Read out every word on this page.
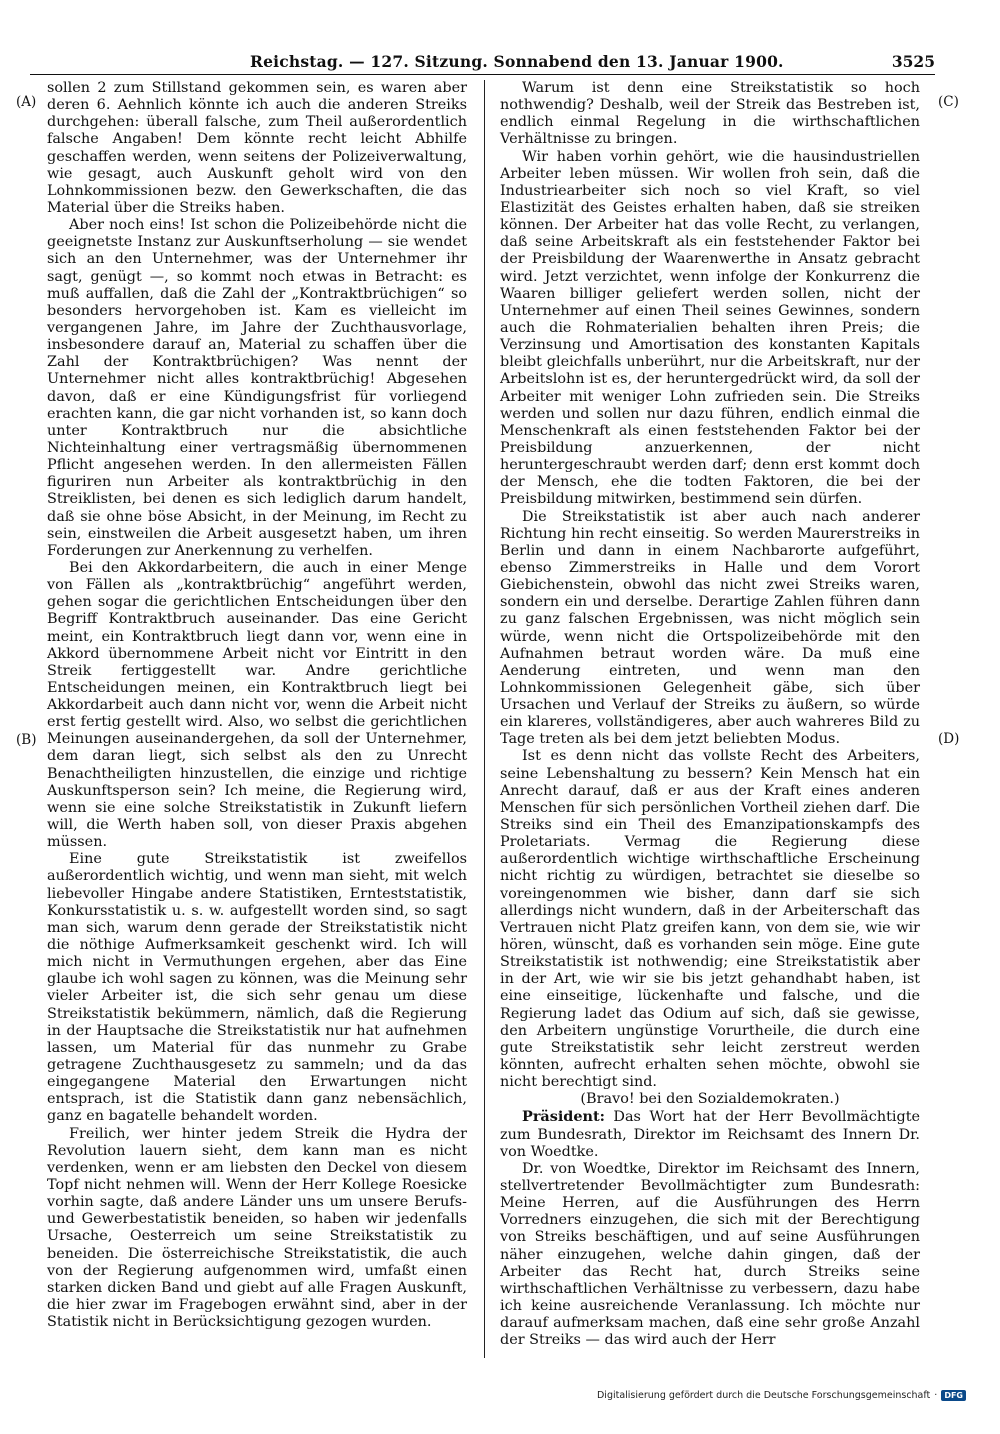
Reichstag. — 127. Sitzung. Sonnabend den 13. Januar 1900.	3525
(A)
(B)
(C)
(D)

sollen 2 zum Stillstand gekommen sein, es waren aber deren 6. Aehnlich könnte ich auch die anderen Streiks durchgehen: überall falsche, zum Theil außerordentlich falsche Angaben! Dem könnte recht leicht Abhilfe geschaffen werden, wenn seitens der Polizeiverwaltung, wie gesagt, auch Auskunft geholt wird von den Lohnkommissionen bezw. den Gewerkschaften, die das Material über die Streiks haben.

Aber noch eins! Ist schon die Polizeibehörde nicht die geeignetste Instanz zur Auskunftserholung — sie wendet sich an den Unternehmer, was der Unternehmer ihr sagt, genügt —, so kommt noch etwas in Betracht: es muß auffallen, daß die Zahl der „Kontraktbrüchigen“ so besonders hervorgehoben ist. Kam es vielleicht im vergangenen Jahre, im Jahre der Zuchthausvorlage, insbesondere darauf an, Material zu schaffen über die Zahl der Kontraktbrüchigen? Was nennt der Unternehmer nicht alles kontraktbrüchig! Abgesehen davon, daß er eine Kündigungsfrist für vorliegend erachten kann, die gar nicht vorhanden ist, so kann doch unter Kontraktbruch nur die absichtliche Nichteinhaltung einer vertragsmäßig übernommenen Pflicht angesehen werden. In den allermeisten Fällen figuriren nun Arbeiter als kontraktbrüchig in den Streiklisten, bei denen es sich lediglich darum handelt, daß sie ohne böse Absicht, in der Meinung, im Recht zu sein, einstweilen die Arbeit ausgesetzt haben, um ihren Forderungen zur Anerkennung zu verhelfen.

Bei den Akkordarbeitern, die auch in einer Menge von Fällen als „kontraktbrüchig“ angeführt werden, gehen sogar die gerichtlichen Entscheidungen über den Begriff Kontraktbruch auseinander. Das eine Gericht meint, ein Kontraktbruch liegt dann vor, wenn eine in Akkord übernommene Arbeit nicht vor Eintritt in den Streik fertiggestellt war. Andre gerichtliche Entscheidungen meinen, ein Kontraktbruch liegt bei Akkordarbeit auch dann nicht vor, wenn die Arbeit nicht erst fertig gestellt wird. Also, wo selbst die gerichtlichen Meinungen auseinandergehen, da soll der Unternehmer, dem daran liegt, sich selbst als den zu Unrecht Benachtheiligten hinzustellen, die einzige und richtige Auskunftsperson sein? Ich meine, die Regierung wird, wenn sie eine solche Streikstatistik in Zukunft liefern will, die Werth haben soll, von dieser Praxis abgehen müssen.

Eine gute Streikstatistik ist zweifellos außerordentlich wichtig, und wenn man sieht, mit welch liebevoller Hingabe andere Statistiken, Ernteststatistik, Konkursstatistik u. s. w. aufgestellt worden sind, so sagt man sich, warum denn gerade der Streikstatistik nicht die nöthige Aufmerksamkeit geschenkt wird. Ich will mich nicht in Vermuthungen ergehen, aber das Eine glaube ich wohl sagen zu können, was die Meinung sehr vieler Arbeiter ist, die sich sehr genau um diese Streikstatistik bekümmern, nämlich, daß die Regierung in der Hauptsache die Streikstatistik nur hat aufnehmen lassen, um Material für das nunmehr zu Grabe getragene Zuchthausgesetz zu sammeln; und da das eingegangene Material den Erwartungen nicht entsprach, ist die Statistik dann ganz nebensächlich, ganz en bagatelle behandelt worden.

Freilich, wer hinter jedem Streik die Hydra der Revolution lauern sieht, dem kann man es nicht verdenken, wenn er am liebsten den Deckel von diesem Topf nicht nehmen will. Wenn der Herr Kollege Roesicke vorhin sagte, daß andere Länder uns um unsere Berufs- und Gewerbestatistik beneiden, so haben wir jedenfalls Ursache, Oesterreich um seine Streikstatistik zu beneiden. Die österreichische Streikstatistik, die auch von der Regierung aufgenommen wird, umfaßt einen starken dicken Band und giebt auf alle Fragen Auskunft, die hier zwar im Fragebogen erwähnt sind, aber in der Statistik nicht in Berücksichtigung gezogen wurden.

Warum ist denn eine Streikstatistik so hoch nothwendig? Deshalb, weil der Streik das Bestreben ist, endlich einmal Regelung in die wirthschaftlichen Verhältnisse zu bringen.

Wir haben vorhin gehört, wie die hausindustriellen Arbeiter leben müssen. Wir wollen froh sein, daß die Industriearbeiter sich noch so viel Kraft, so viel Elastizität des Geistes erhalten haben, daß sie streiken können. Der Arbeiter hat das volle Recht, zu verlangen, daß seine Arbeitskraft als ein feststehender Faktor bei der Preisbildung der Waarenwerthe in Ansatz gebracht wird. Jetzt verzichtet, wenn infolge der Konkurrenz die Waaren billiger geliefert werden sollen, nicht der Unternehmer auf einen Theil seines Gewinnes, sondern auch die Rohmaterialien behalten ihren Preis; die Verzinsung und Amortisation des konstanten Kapitals bleibt gleichfalls unberührt, nur die Arbeitskraft, nur der Arbeitslohn ist es, der heruntergedrückt wird, da soll der Arbeiter mit weniger Lohn zufrieden sein. Die Streiks werden und sollen nur dazu führen, endlich einmal die Menschenkraft als einen feststehenden Faktor bei der Preisbildung anzuerkennen, der nicht heruntergeschraubt werden darf; denn erst kommt doch der Mensch, ehe die todten Faktoren, die bei der Preisbildung mitwirken, bestimmend sein dürfen.

Die Streikstatistik ist aber auch nach anderer Richtung hin recht einseitig. So werden Maurerstreiks in Berlin und dann in einem Nachbarorte aufgeführt, ebenso Zimmerstreiks in Halle und dem Vorort Giebichenstein, obwohl das nicht zwei Streiks waren, sondern ein und derselbe. Derartige Zahlen führen dann zu ganz falschen Ergebnissen, was nicht möglich sein würde, wenn nicht die Ortspolizeibehörde mit den Aufnahmen betraut worden wäre. Da muß eine Aenderung eintreten, und wenn man den Lohnkommissionen Gelegenheit gäbe, sich über Ursachen und Verlauf der Streiks zu äußern, so würde ein klareres, vollständigeres, aber auch wahreres Bild zu Tage treten als bei dem jetzt beliebten Modus.

Ist es denn nicht das vollste Recht des Arbeiters, seine Lebenshaltung zu bessern? Kein Mensch hat ein Anrecht darauf, daß er aus der Kraft eines anderen Menschen für sich persönlichen Vortheil ziehen darf. Die Streiks sind ein Theil des Emanzipationskampfs des Proletariats. Vermag die Regierung diese außerordentlich wichtige wirthschaftliche Erscheinung nicht richtig zu würdigen, betrachtet sie dieselbe so voreingenommen wie bisher, dann darf sie sich allerdings nicht wundern, daß in der Arbeiterschaft das Vertrauen nicht Platz greifen kann, von dem sie, wie wir hören, wünscht, daß es vorhanden sein möge. Eine gute Streikstatistik ist nothwendig; eine Streikstatistik aber in der Art, wie wir sie bis jetzt gehandhabt haben, ist eine einseitige, lückenhafte und falsche, und die Regierung ladet das Odium auf sich, daß sie gewisse, den Arbeitern ungünstige Vorurtheile, die durch eine gute Streikstatistik sehr leicht zerstreut werden könnten, aufrecht erhalten sehen möchte, obwohl sie nicht berechtigt sind.

(Bravo! bei den Sozialdemokraten.)

Präsident: Das Wort hat der Herr Bevollmächtigte zum Bundesrath, Direktor im Reichsamt des Innern Dr. von Woedtke.

Dr. von Woedtke, Direktor im Reichsamt des Innern, stellvertretender Bevollmächtigter zum Bundesrath: Meine Herren, auf die Ausführungen des Herrn Vorredners einzugehen, die sich mit der Berechtigung von Streiks beschäftigen, und auf seine Ausführungen näher einzugehen, welche dahin gingen, daß der Arbeiter das Recht hat, durch Streiks seine wirthschaftlichen Verhältnisse zu verbessern, dazu habe ich keine ausreichende Veranlassung. Ich möchte nur darauf aufmerksam machen, daß eine sehr große Anzahl der Streiks — das wird auch der Herr

Digitalisierung gefördert durch die Deutsche Forschungsgemeinschaft · DFG
